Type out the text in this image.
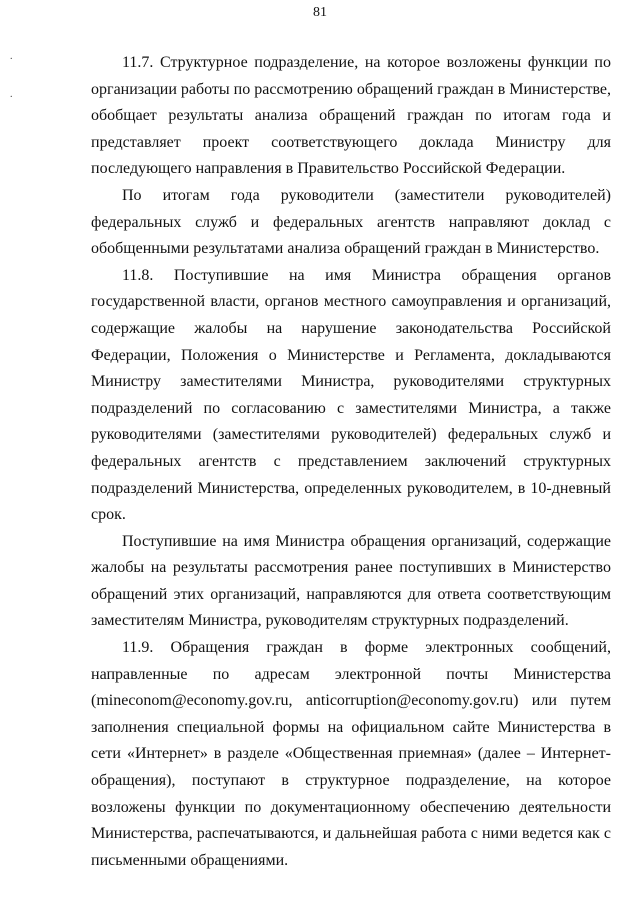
81
.
.

11.7. Структурное подразделение, на которое возложены функции по организации работы по рассмотрению обращений граждан в Министерстве, обобщает результаты анализа обращений граждан по итогам года и представляет проект соответствующего доклада Министру для последующего направления в Правительство Российской Федерации.

По итогам года руководители (заместители руководителей) федеральных служб и федеральных агентств направляют доклад с обобщенными результатами анализа обращений граждан в Министерство.

11.8. Поступившие на имя Министра обращения органов государственной власти, органов местного самоуправления и организаций, содержащие жалобы на нарушение законодательства Российской Федерации, Положения о Министерстве и Регламента, докладываются Министру заместителями Министра, руководителями структурных подразделений по согласованию с заместителями Министра, а также руководителями (заместителями руководителей) федеральных служб и федеральных агентств с представлением заключений структурных подразделений Министерства, определенных руководителем, в 10-дневный срок.

Поступившие на имя Министра обращения организаций, содержащие жалобы на результаты рассмотрения ранее поступивших в Министерство обращений этих организаций, направляются для ответа соответствующим заместителям Министра, руководителям структурных подразделений.

11.9. Обращения граждан в форме электронных сообщений, направленные по адресам электронной почты Министерства (mineconom@economy.gov.ru, anticorruption@economy.gov.ru) или путем заполнения специальной формы на официальном сайте Министерства в сети «Интернет» в разделе «Общественная приемная» (далее – Интернет-обращения), поступают в структурное подразделение, на которое возложены функции по документационному обеспечению деятельности Министерства, распечатываются, и дальнейшая работа с ними ведется как с письменными обращениями.
